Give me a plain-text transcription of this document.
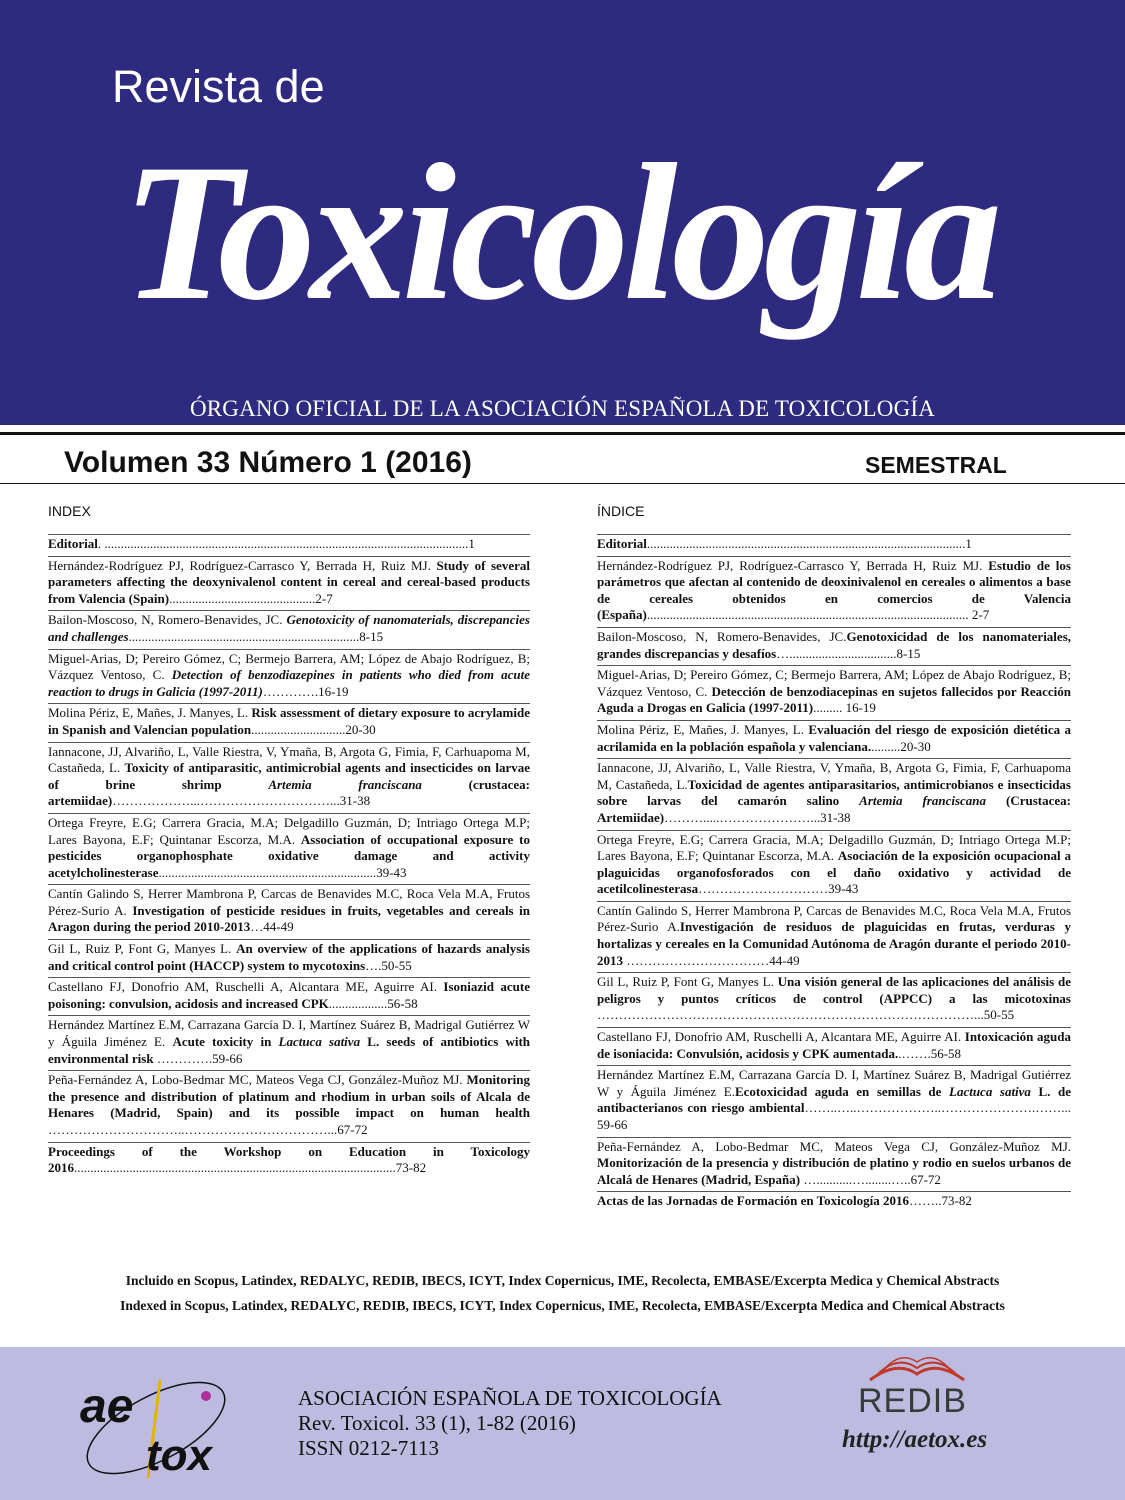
Revista de
Toxicología
ÓRGANO OFICIAL DE LA ASOCIACIÓN ESPAÑOLA DE TOXICOLOGÍA
Volumen 33 Número 1 (2016)	SEMESTRAL
INDEX
Editorial. ................................................................................................................1
Hernández-Rodríguez PJ, Rodríguez-Carrasco Y, Berrada H, Ruiz MJ. Study of several parameters affecting the deoxynivalenol content in cereal and cereal-based products from Valencia (Spain).............................................2-7
Bailon-Moscoso, N, Romero-Benavides, JC. Genotoxicity of nanomaterials, discrepancies and challenges.......................................................................8-15
Miguel-Arias, D; Pereiro Gómez, C; Bermejo Barrera, AM; López de Abajo Rodríguez, B; Vázquez Ventoso, C. Detection of benzodiazepines in patients who died from acute reaction to drugs in Galicia (1997-2011)………….16-19
Molina Périz, E, Mañes, J. Manyes, L. Risk assessment of dietary exposure to acrylamide in Spanish and Valencian population.............................20-30
Iannacone, JJ, Alvariño, L, Valle Riestra, V, Ymaña, B, Argota G, Fimia, F, Carhuapoma M, Castañeda, L. Toxicity of antiparasitic, antimicrobial agents and insecticides on larvae of brine shrimp Artemia franciscana (crustacea: artemiidae)………………...…………………………...31-38
Ortega Freyre, E.G; Carrera Gracia, M.A; Delgadillo Guzmán, D; Intriago Ortega M.P; Lares Bayona, E.F; Quintanar Escorza, M.A. Association of occupational exposure to pesticides organophosphate oxidative damage and activity acetylcholinesterase...................................................................39-43
Cantín Galindo S, Herrer Mambrona P, Carcas de Benavides M.C, Roca Vela M.A, Frutos Pérez-Surio A. Investigation of pesticide residues in fruits, vegetables and cereals in Aragon during the period 2010-2013…44-49
Gil L, Ruiz P, Font G, Manyes L. An overview of the applications of hazards analysis and critical control point (HACCP) system to mycotoxins….50-55
Castellano FJ, Donofrio AM, Ruschelli A, Alcantara ME, Aguirre AI. Isoniazid acute poisoning: convulsion, acidosis and increased CPK..................56-58
Hernández Martínez E.M, Carrazana García D. I, Martínez Suárez B, Madrigal Gutiérrez W y Águila Jiménez E. Acute toxicity in Lactuca sativa L. seeds of antibiotics with environmental risk ………….59-66
Peña-Fernández A, Lobo-Bedmar MC, Mateos Vega CJ, González-Muñoz MJ. Monitoring the presence and distribution of platinum and rhodium in urban soils of Alcala de Henares (Madrid, Spain) and its possible impact on human health …………………………..……………………………...67-72
Proceedings of the Workshop on Education in Toxicology 2016...................................................................................................73-82
ÍNDICE
Editorial..................................................................................................1
Hernández-Rodríguez PJ, Rodríguez-Carrasco Y, Berrada H, Ruiz MJ. Estudio de los parámetros que afectan al contenido de deoxinivalenol en cereales o alimentos a base de cereales obtenidos en comercios de Valencia (España)................................................................................................... 2-7
Bailon-Moscoso, N, Romero-Benavides, JC.Genotoxicidad de los nanomateriales, grandes discrepancias y desafíos….................................8-15
Miguel-Arias, D; Pereiro Gómez, C; Bermejo Barrera, AM; López de Abajo Rodríguez, B; Vázquez Ventoso, C. Detección de benzodiacepinas en sujetos fallecidos por Reacción Aguda a Drogas en Galicia (1997-2011)......... 16-19
Molina Périz, E, Mañes, J. Manyes, L. Evaluación del riesgo de exposición dietética a acrilamida en la población española y valenciana..........20-30
Iannacone, JJ, Alvariño, L, Valle Riestra, V, Ymaña, B, Argota G, Fimia, F, Carhuapoma M, Castañeda, L.Toxicidad de agentes antiparasitarios, antimicrobianos e insecticidas sobre larvas del camarón salino Artemia franciscana (Crustacea: Artemiidae)……….....…………………...31-38
Ortega Freyre, E.G; Carrera Gracia, M.A; Delgadillo Guzmán, D; Intriago Ortega M.P; Lares Bayona, E.F; Quintanar Escorza, M.A. Asociación de la exposición ocupacional a plaguicidas organofosforados con el daño oxidativo y actividad de acetilcolinesterasa…………………………39-43
Cantín Galindo S, Herrer Mambrona P, Carcas de Benavides M.C, Roca Vela M.A, Frutos Pérez-Surio A.Investigación de residuos de plaguicidas en frutas, verduras y hortalizas y cereales en la Comunidad Autónoma de Aragón durante el periodo 2010-2013 ……………………………44-49
Gil L, Ruiz P, Font G, Manyes L. Una visión general de las aplicaciones del análisis de peligros y puntos críticos de control (APPCC) a las micotoxinas ……………………………………………………………………………...50-55
Castellano FJ, Donofrio AM, Ruschelli A, Alcantara ME, Aguirre AI. Intoxicación aguda de isoniacida: Convulsión, acidosis y CPK aumentada..…….56-58
Hernández Martínez E.M, Carrazana García D. I, Martínez Suárez B, Madrigal Gutiérrez W y Águila Jiménez E.Ecotoxicidad aguda en semillas de Lactuca sativa L. de antibacterianos con riesgo ambiental……..…..………………..………………….……... 59-66
Peña-Fernández A, Lobo-Bedmar MC, Mateos Vega CJ, González-Muñoz MJ. Monitorización de la presencia y distribución de platino y rodio en suelos urbanos de Alcalá de Henares (Madrid, España) …...........…........…..67-72
Actas de las Jornadas de Formación en Toxicología 2016……..73-82
Incluido en Scopus, Latindex, REDALYC, REDIB, IBECS, ICYT, Index Copernicus, IME, Recolecta, EMBASE/Excerpta Medica y Chemical Abstracts
Indexed in Scopus, Latindex, REDALYC, REDIB, IBECS, ICYT, Index Copernicus, IME, Recolecta, EMBASE/Excerpta Medica and Chemical Abstracts
ae
tox
ASOCIACIÓN ESPAÑOLA DE TOXICOLOGÍA
Rev. Toxicol. 33 (1), 1-82 (2016)
ISSN 0212-7113
REDIB
http://aetox.es
